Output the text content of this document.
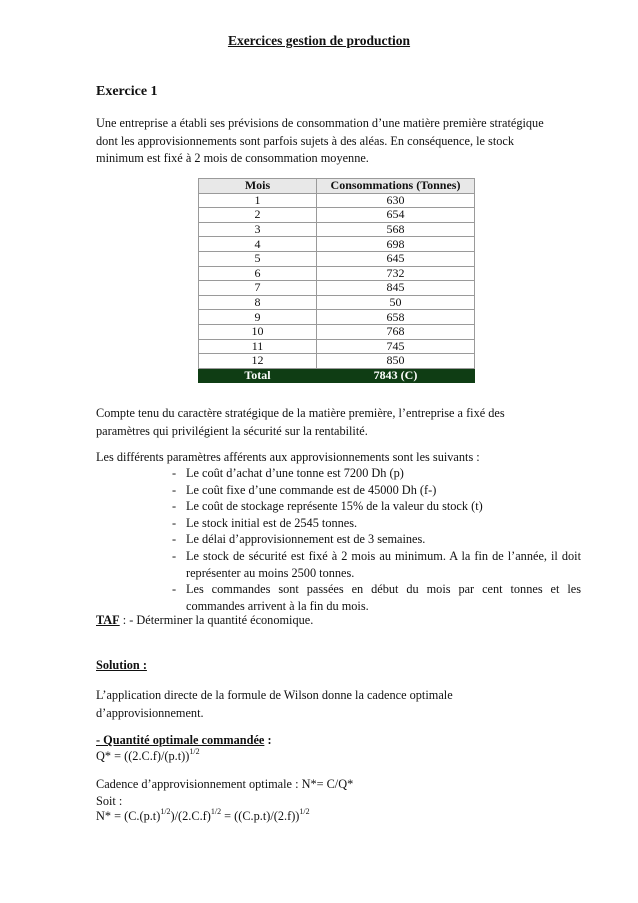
Exercices gestion de production
Exercice 1
Une entreprise a établi ses prévisions de consommation d’une matière première stratégique
dont les approvisionnements sont parfois sujets à des aléas. En conséquence, le stock
minimum est fixé à 2 mois de consommation moyenne.
Mois	Consommations (Tonnes)
1	630
2	654
3	568
4	698
5	645
6	732
7	845
8	50
9	658
10	768
11	745
12	850
Total	7843 (C)
Compte tenu du caractère stratégique de la matière première, l’entreprise a fixé des
paramètres qui privilégient la sécurité sur la rentabilité.
Les différents paramètres afférents aux approvisionnements sont les suivants :
- Le coût d’achat d’une tonne est 7200 Dh (p)
- Le coût fixe d’une commande est de 45000 Dh (f-)
- Le coût de stockage représente 15% de la valeur du stock (t)
- Le stock initial est de 2545 tonnes.
- Le délai d’approvisionnement est de 3 semaines.
- Le stock de sécurité est fixé à 2 mois au minimum. A la fin de l’année, il doit représenter au moins 2500 tonnes.
- Les commandes sont passées en début du mois par cent tonnes et les commandes arrivent à la fin du mois.
TAF : - Déterminer la quantité économique.
Solution :
L’application directe de la formule de Wilson donne la cadence optimale
d’approvisionnement.
- Quantité optimale commandée :
$Q* = ((2.C.f)/(p.t))^{1/2}$
Cadence d’approvisionnement optimale : N*= C/Q*
Soit :
$N* = (C.(p.t)^{1/2})/(2.C.f)^{1/2} = ((C.p.t)/(2.f))^{1/2}$
